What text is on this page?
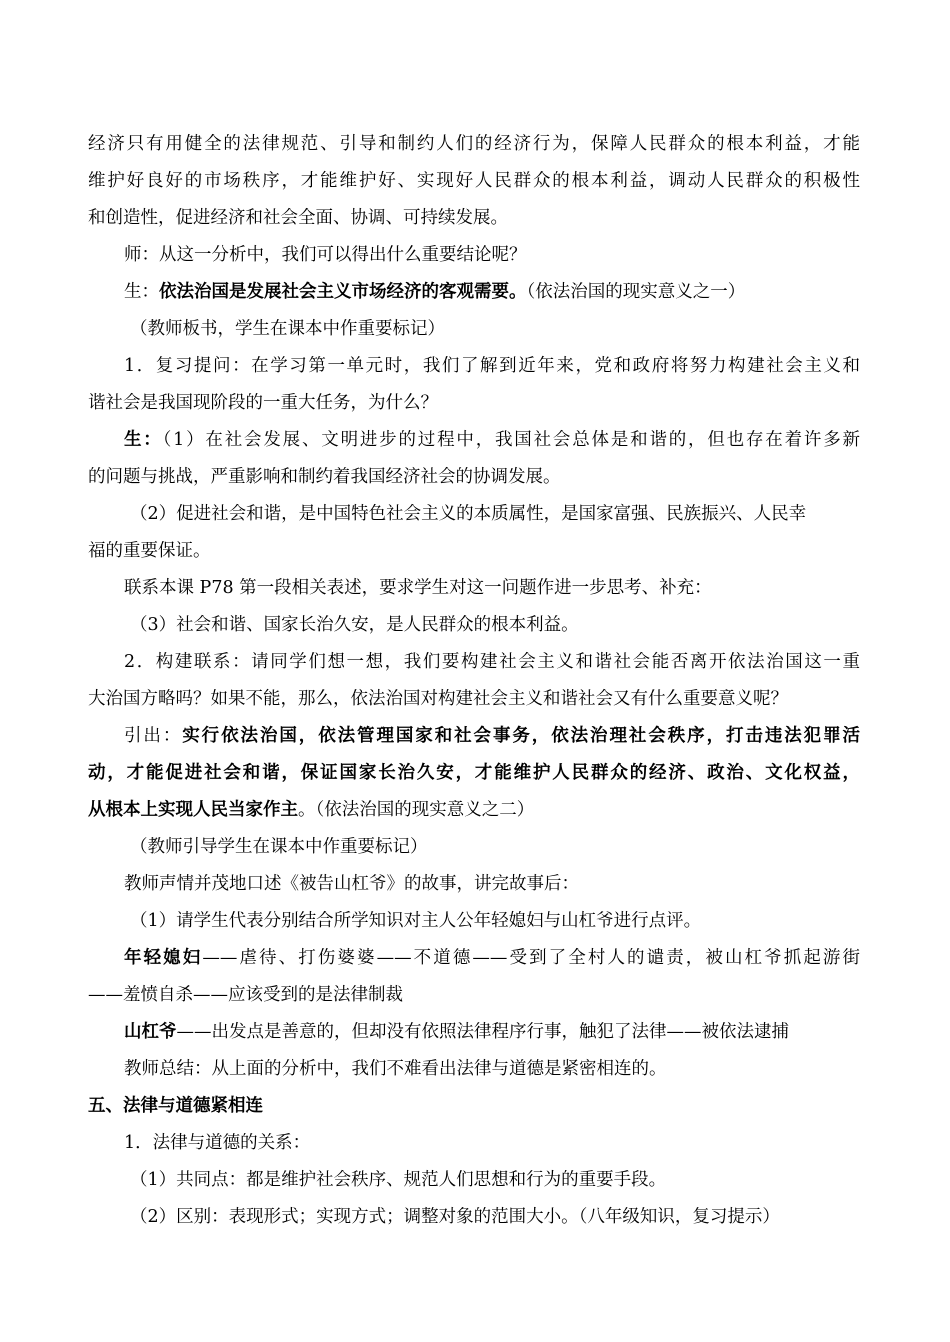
经济只有用健全的法律规范、引导和制约人们的经济行为，保障人民群众的根本利益，才能
维护好良好的市场秩序，才能维护好、实现好人民群众的根本利益，调动人民群众的积极性
和创造性，促进经济和社会全面、协调、可持续发展。
师：从这一分析中，我们可以得出什么重要结论呢？
生：依法治国是发展社会主义市场经济的客观需要。（依法治国的现实意义之一）
（教师板书，学生在课本中作重要标记）
1．复习提问：在学习第一单元时，我们了解到近年来，党和政府将努力构建社会主义和
谐社会是我国现阶段的一重大任务，为什么？
生：（1）在社会发展、文明进步的过程中，我国社会总体是和谐的，但也存在着许多新
的问题与挑战，严重影响和制约着我国经济社会的协调发展。
（2）促进社会和谐，是中国特色社会主义的本质属性，是国家富强、民族振兴、人民幸
福的重要保证。
联系本课 P78 第一段相关表述，要求学生对这一问题作进一步思考、补充：
（3）社会和谐、国家长治久安，是人民群众的根本利益。
2．构建联系：请同学们想一想，我们要构建社会主义和谐社会能否离开依法治国这一重
大治国方略吗？如果不能，那么，依法治国对构建社会主义和谐社会又有什么重要意义呢？
引出：实行依法治国，依法管理国家和社会事务，依法治理社会秩序，打击违法犯罪活
动，才能促进社会和谐，保证国家长治久安，才能维护人民群众的经济、政治、文化权益，
从根本上实现人民当家作主。（依法治国的现实意义之二）
（教师引导学生在课本中作重要标记）
教师声情并茂地口述《被告山杠爷》的故事，讲完故事后：
（1）请学生代表分别结合所学知识对主人公年轻媳妇与山杠爷进行点评。
年轻媳妇——虐待、打伤婆婆——不道德——受到了全村人的谴责，被山杠爷抓起游街
——羞愤自杀——应该受到的是法律制裁
山杠爷——出发点是善意的，但却没有依照法律程序行事，触犯了法律——被依法逮捕
教师总结：从上面的分析中，我们不难看出法律与道德是紧密相连的。
五、法律与道德紧相连
1．法律与道德的关系：
（1）共同点：都是维护社会秩序、规范人们思想和行为的重要手段。
（2）区别：表现形式；实现方式；调整对象的范围大小。（八年级知识，复习提示）
